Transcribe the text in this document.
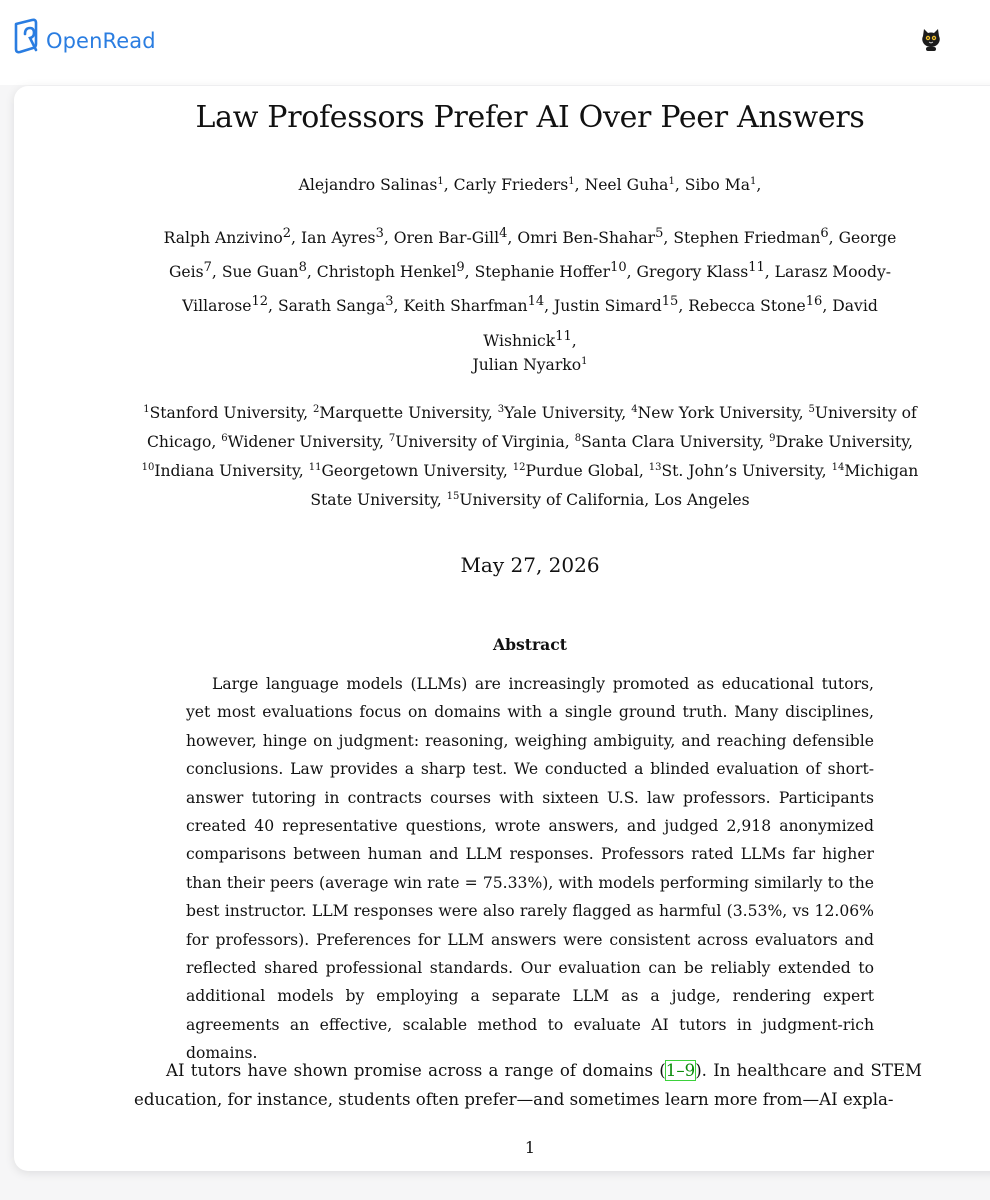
OpenRead
Law Professors Prefer AI Over Peer Answers
Alejandro Salinas$^1$, Carly Frieders$^1$, Neel Guha$^1$, Sibo Ma$^1$,
Ralph Anzivino$^2$, Ian Ayres$^3$, Oren Bar-Gill$^4$, Omri Ben-Shahar$^5$, Stephen Friedman$^6$, George Geis$^7$, Sue Guan$^8$, Christoph Henkel$^9$, Stephanie Hoffer$^{10}$, Gregory Klass$^{11}$, Larasz Moody-Villarose$^{12}$, Sarath Sanga$^3$, Keith Sharfman$^{14}$, Justin Simard$^{15}$, Rebecca Stone$^{16}$, David Wishnick$^{11}$,
Julian Nyarko$^1$
$^1$Stanford University, $^2$Marquette University, $^3$Yale University, $^4$New York University, $^5$University of Chicago, $^6$Widener University, $^7$University of Virginia, $^8$Santa Clara University, $^9$Drake University, $^{10}$Indiana University, $^{11}$Georgetown University, $^{12}$Purdue Global, $^{13}$St. John’s University, $^{14}$Michigan State University, $^{15}$University of California, Los Angeles
May 27, 2026
Abstract

Large language models (LLMs) are increasingly promoted as educational tutors, yet most evaluations focus on domains with a single ground truth. Many disciplines, however, hinge on judgment: reasoning, weighing ambiguity, and reaching defensible conclusions. Law provides a sharp test. We conducted a blinded evaluation of short-answer tutoring in contracts courses with sixteen U.S. law professors. Participants created 40 representative questions, wrote answers, and judged 2,918 anonymized comparisons between human and LLM responses. Professors rated LLMs far higher than their peers (average win rate = 75.33%), with models performing similarly to the best instructor. LLM responses were also rarely flagged as harmful (3.53%, vs 12.06% for professors). Preferences for LLM answers were consistent across evaluators and reflected shared professional standards. Our evaluation can be reliably extended to additional models by employing a separate LLM as a judge, rendering expert agreements an effective, scalable method to evaluate AI tutors in judgment-rich domains.

AI tutors have shown promise across a range of domains (1–9). In healthcare and STEM education, for instance, students often prefer—and sometimes learn more from—AI expla-

1
